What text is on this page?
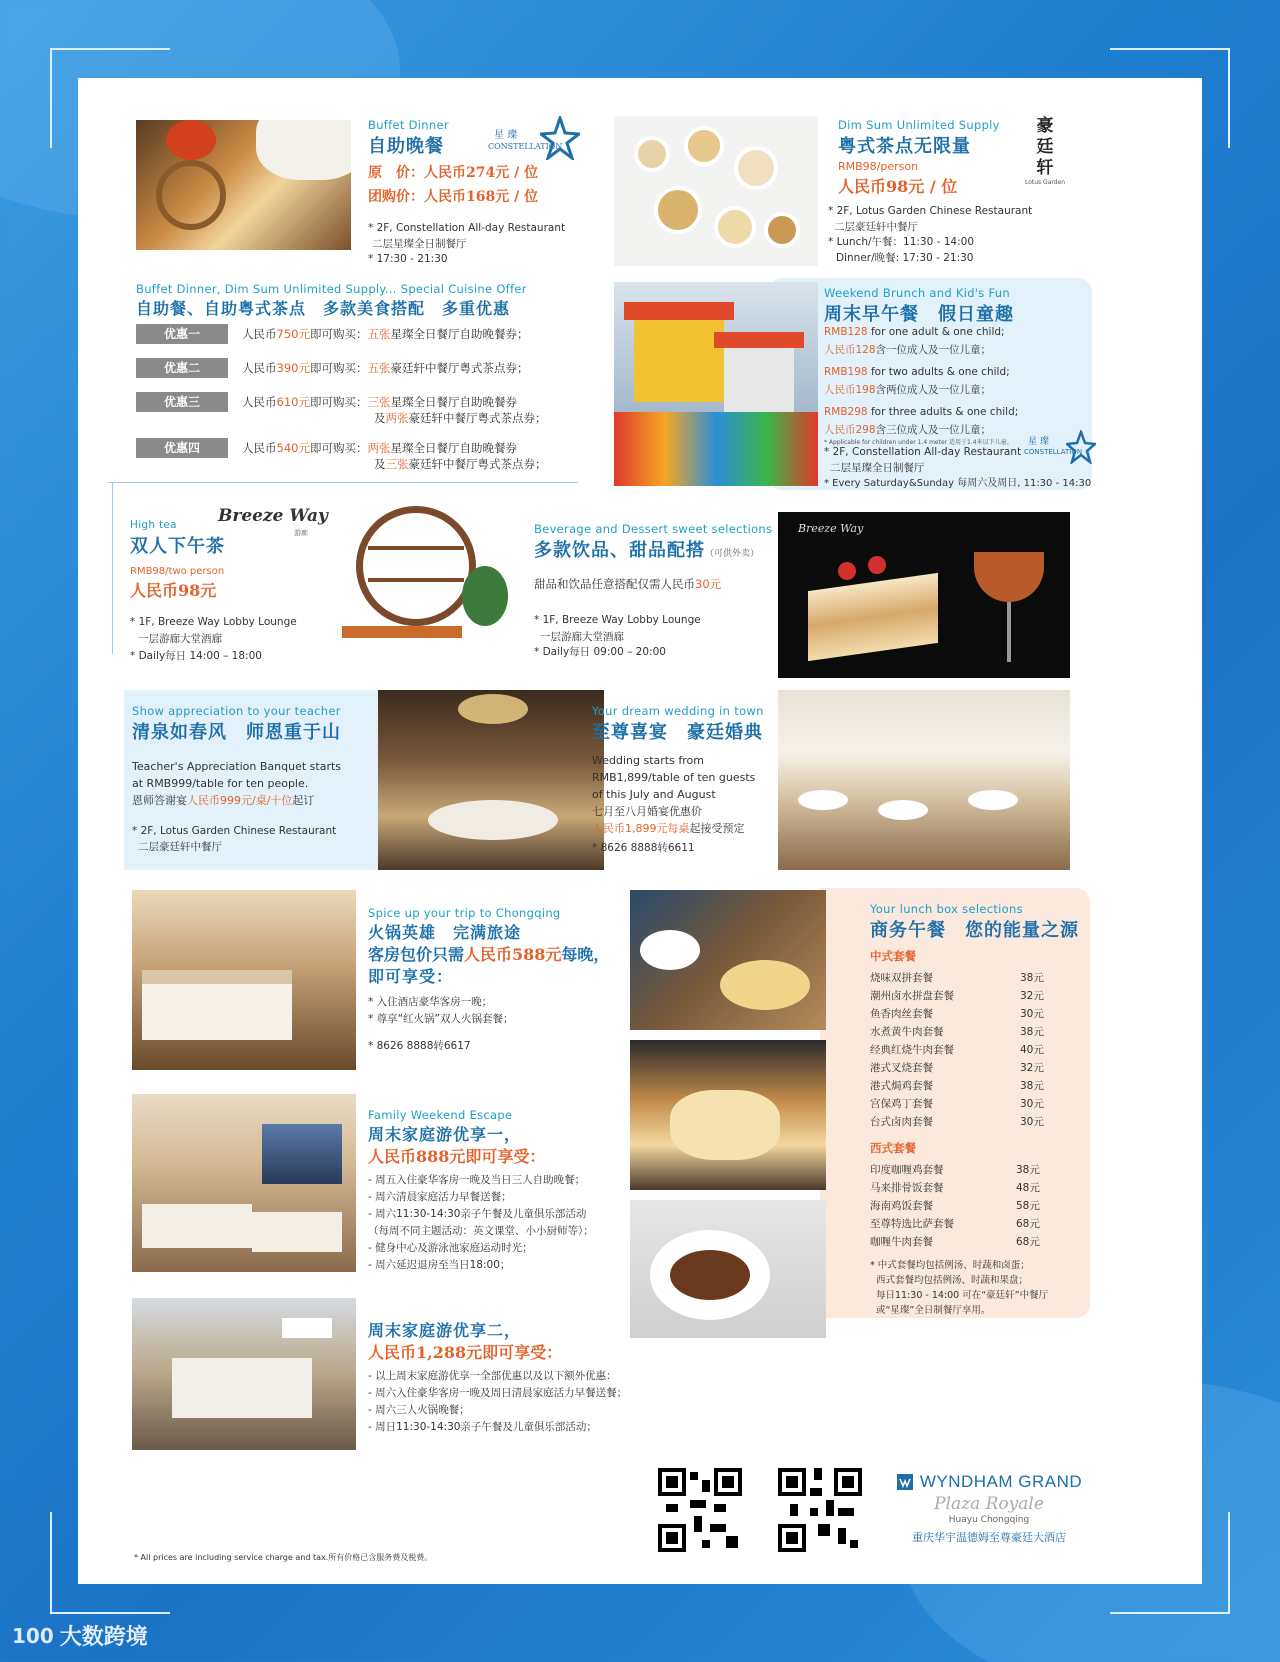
Buffet Dinner
自助晚餐
星 璨
CONSTELLATION
原　价：人民币274元 / 位
团购价：人民币168元 / 位
* 2F, Constellation All-day Restaurant
二层星璨全日制餐厅
* 17:30 - 21:30
Dim Sum Unlimited Supply
粤式茶点无限量
豪
廷
轩
Lotus Garden
RMB98/person
人民币98元 / 位
* 2F, Lotus Garden Chinese Restaurant
二层豪廷轩中餐厅
* Lunch/午餐：11:30 - 14:00
Dinner/晚餐: 17:30 - 21:30
Buffet Dinner, Dim Sum Unlimited Supply... Special Cuisine Offer
自助餐、自助粤式茶点　多款美食搭配　多重优惠
优惠一	人民币750元即可购买：五张星璨全日餐厅自助晚餐券；
优惠二	人民币390元即可购买：五张豪廷轩中餐厅粤式茶点券；
优惠三	人民币610元即可购买：三张星璨全日餐厅自助晚餐券
及两张豪廷轩中餐厅粤式茶点券；
优惠四	人民币540元即可购买：两张星璨全日餐厅自助晚餐券
及三张豪廷轩中餐厅粤式茶点券；
Weekend Brunch and Kid's Fun
周末早午餐　假日童趣
RMB128 for one adult & one child;
人民币128含一位成人及一位儿童；
RMB198 for two adults & one child;
人民币198含两位成人及一位儿童；
RMB298 for three adults & one child;
人民币298含三位成人及一位儿童；
* Applicable for children under 1.4 meter 适用于1.4米以下儿童。
* 2F, Constellation All-day Restaurant
二层星璨全日制餐厅
* Every Saturday&Sunday 每周六及周日, 11:30 - 14:30
星 璨
CONSTELLATION
High tea Breeze Way
游廊
双人下午茶
RMB98/two person
人民币98元
* 1F, Breeze Way Lobby Lounge
一层游廊大堂酒廊
* Daily每日 14:00 – 18:00
Beverage and Dessert sweet selections
多款饮品、甜品配搭（可供外卖）
甜品和饮品任意搭配仅需人民币30元
* 1F, Breeze Way Lobby Lounge
一层游廊大堂酒廊
* Daily每日 09:00 – 20:00
Breeze Way
Show appreciation to your teacher
清泉如春风　师恩重于山
Teacher's Appreciation Banquet starts
at RMB999/table for ten people.
恩师答谢宴人民币999元/桌/十位起订
* 2F, Lotus Garden Chinese Restaurant
二层豪廷轩中餐厅
Your dream wedding in town
至尊喜宴　豪廷婚典
Wedding starts from
RMB1,899/table of ten guests
of this July and August
七月至八月婚宴优惠价
人民币1,899元每桌起接受预定
* 8626 8888转6611
Spice up your trip to Chongqing
火锅英雄　完满旅途
客房包价只需人民币588元每晚，
即可享受：
* 入住酒店豪华客房一晚；
* 尊享“红火锅”双人火锅套餐；
* 8626 8888转6617
Family Weekend Escape
周末家庭游优享一，
人民币888元即可享受：
- 周五入住豪华客房一晚及当日三人自助晚餐；
- 周六清晨家庭活力早餐送餐；
- 周六11:30-14:30亲子午餐及儿童俱乐部活动
（每周不同主题活动：英文课堂、小小厨师等）；
- 健身中心及游泳池家庭运动时光；
- 周六延迟退房至当日18:00；
周末家庭游优享二，
人民币1,288元即可享受：
- 以上周末家庭游优享一全部优惠以及以下额外优惠：
- 周六入住豪华客房一晚及周日清晨家庭活力早餐送餐；
- 周六三人火锅晚餐；
- 周日11:30-14:30亲子午餐及儿童俱乐部活动；
Your lunch box selections
商务午餐　您的能量之源
中式套餐
烧味双拼套餐	38元
潮州卤水拼盘套餐	32元
鱼香肉丝套餐	30元
水煮黄牛肉套餐	38元
经典红烧牛肉套餐	40元
港式叉烧套餐	32元
港式焗鸡套餐	38元
宫保鸡丁套餐	30元
台式卤肉套餐	30元
西式套餐
印度咖喱鸡套餐	38元
马来排骨饭套餐	48元
海南鸡饭套餐	58元
至尊特选比萨套餐	68元
咖喱牛肉套餐	68元
* 中式套餐均包括例汤、时蔬和卤蛋；
西式套餐均包括例汤、时蔬和果盘；
每日11:30 - 14:00 可在“豪廷轩”中餐厅
或“星璨”全日制餐厅享用。
WYNDHAM GRAND
Plaza Royale
Huayu Chongqing
重庆华宇温德姆至尊豪廷大酒店
* All prices are including service charge and tax.所有价格已含服务费及税费。
100 大数跨境
